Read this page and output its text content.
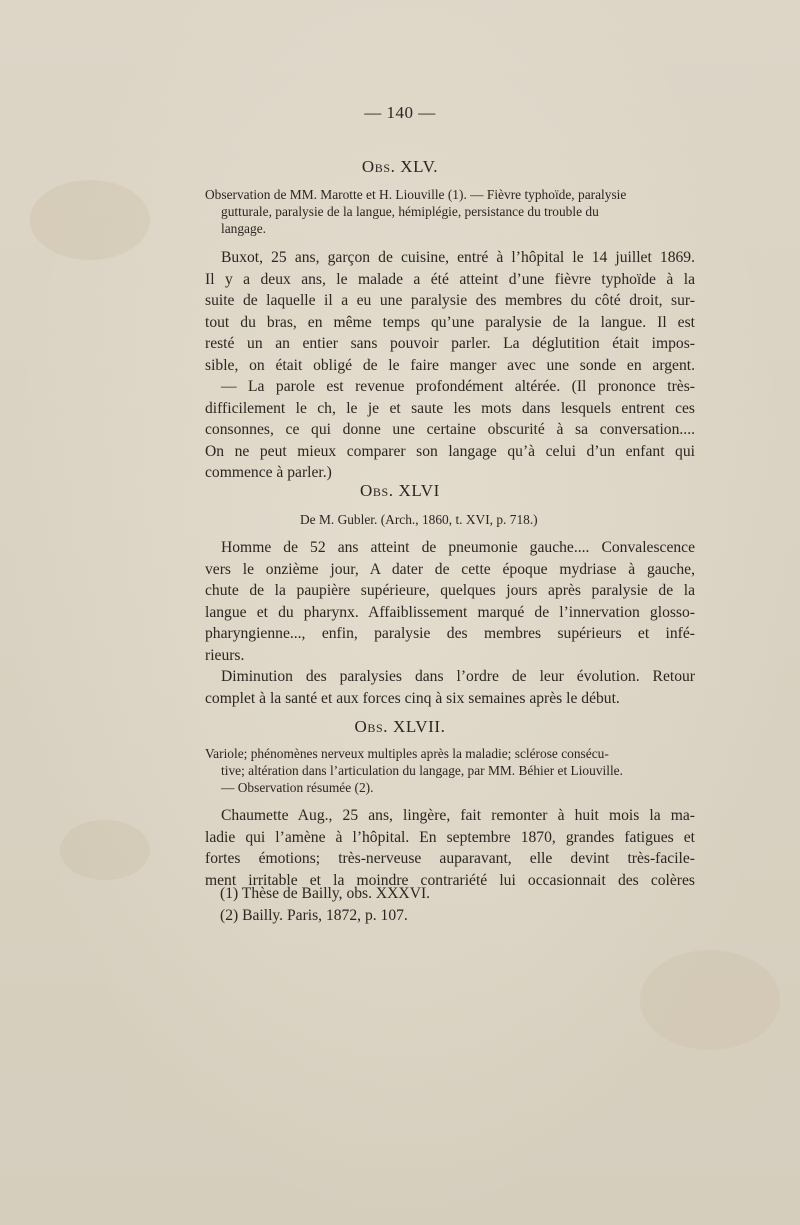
— 140 —
Obs. XLV.
Observation de MM. Marotte et H. Liouville (1). — Fièvre typhoïde, paralysie
gutturale, paralysie de la langue, hémiplégie, persistance du trouble du
langage.
Buxot, 25 ans, garçon de cuisine, entré à l’hôpital le 14 juillet 1869.
Il y a deux ans, le malade a été atteint d’une fièvre typhoïde à la
suite de laquelle il a eu une paralysie des membres du côté droit, sur-
tout du bras, en même temps qu’une paralysie de la langue. Il est
resté un an entier sans pouvoir parler. La déglutition était impos-
sible, on était obligé de le faire manger avec une sonde en argent.
— La parole est revenue profondément altérée. (Il prononce très-
difficilement le ch, le je et saute les mots dans lesquels entrent ces
consonnes, ce qui donne une certaine obscurité à sa conversation....
On ne peut mieux comparer son langage qu’à celui d’un enfant qui
commence à parler.)
Obs. XLVI
De M. Gubler. (Arch., 1860, t. XVI, p. 718.)
Homme de 52 ans atteint de pneumonie gauche.... Convalescence
vers le onzième jour, A dater de cette époque mydriase à gauche,
chute de la paupière supérieure, quelques jours après paralysie de la
langue et du pharynx. Affaiblissement marqué de l’innervation glosso-
pharyngienne..., enfin, paralysie des membres supérieurs et infé-
rieurs.
Diminution des paralysies dans l’ordre de leur évolution. Retour
complet à la santé et aux forces cinq à six semaines après le début.
Obs. XLVII.
Variole; phénomènes nerveux multiples après la maladie; sclérose consécu-
tive; altération dans l’articulation du langage, par MM. Béhier et Liouville.
— Observation résumée (2).
Chaumette Aug., 25 ans, lingère, fait remonter à huit mois la ma-
ladie qui l’amène à l’hôpital. En septembre 1870, grandes fatigues et
fortes émotions; très-nerveuse auparavant, elle devint très-facile-
ment irritable et la moindre contrariété lui occasionnait des colères
(1) Thèse de Bailly, obs. XXXVI.
(2) Bailly. Paris, 1872, p. 107.
